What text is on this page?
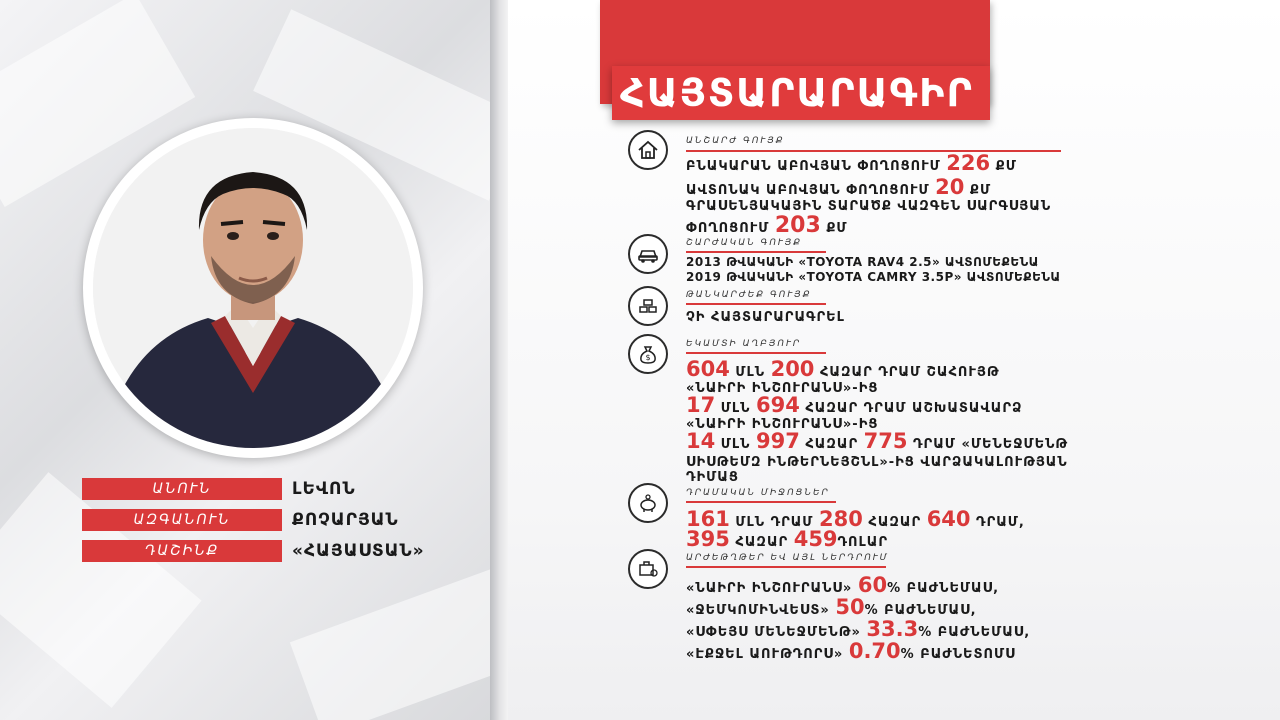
ԱՆՈՒՆ	ԼԵՎՈՆ
ԱԶԳԱՆՈՒՆ	ՔՈՉԱՐՅԱՆ
ԴԱՇԻՆՔ	«ՀԱՅԱՍՏԱՆ»
ՀԱՅՏԱՐԱՐԱԳԻՐ
ԱՆՇԱՐԺ ԳՈՒՅՔ
ԲՆԱԿԱՐԱՆ ԱԲՈՎՅԱՆ ՓՈՂՈՑՈՒՄ 226 ՔՄ
ԱՎՏՈՆԱԿ ԱԲՈՎՅԱՆ ՓՈՂՈՑՈՒՄ 20 ՔՄ
ԳՐԱՍԵՆՅԱԿԱՅԻՆ ՏԱՐԱԾՔ ՎԱԶԳԵՆ ՍԱՐԳՍՅԱՆ
ՓՈՂՈՑՈՒՄ 203 ՔՄ
ՇԱՐԺԱԿԱՆ ԳՈՒՅՔ
2013 ԹՎԱԿԱՆԻ «TOYOTA RAV4 2.5» ԱՎՏՈՄԵՔԵՆԱ
2019 ԹՎԱԿԱՆԻ «TOYOTA CAMRY 3.5P» ԱՎՏՈՄԵՔԵՆԱ
ԹԱՆԿԱՐԺԵՔ ԳՈՒՅՔ
ՉԻ ՀԱՅՏԱՐԱՐԱԳՐԵԼ
$
ԵԿԱՄՏԻ ԱՂԲՅՈՒՐ
604 ՄԼՆ 200 ՀԱԶԱՐ ԴՐԱՄ ՇԱՀՈՒՅԹ
«ՆԱԻՐԻ ԻՆՇՈՒՐԱՆՍ»-ԻՑ
17 ՄԼՆ 694 ՀԱԶԱՐ ԴՐԱՄ ԱՇԽԱՏԱՎԱՐՁ
«ՆԱԻՐԻ ԻՆՇՈՒՐԱՆՍ»-ԻՑ
14 ՄԼՆ 997 ՀԱԶԱՐ 775 ԴՐԱՄ «ՄԵՆԵՋՄԵՆԹ
ՍԻՍԹԵՄԶ ԻՆԹԵՐՆԵՅՇՆԼ»-ԻՑ ՎԱՐՁԱԿԱԼՈՒԹՅԱՆ
ԴԻՄԱՑ
ԴՐԱՄԱԿԱՆ ՄԻՋՈՑՆԵՐ
161 ՄԼՆ ԴՐԱՄ 280 ՀԱԶԱՐ 640 ԴՐԱՄ,
395 ՀԱԶԱՐ 459ԴՈԼԱՐ
ԱՐԺԵԹՂԹԵՐ ԵՎ ԱՅԼ ՆԵՐԴՐՈՒՄ
«ՆԱԻՐԻ ԻՆՇՈՒՐԱՆՍ» 60% ԲԱԺՆԵՄԱՍ,
«ՋԵՄԿՈՄԻՆՎԵՍՏ» 50% ԲԱԺՆԵՄԱՍ,
«ՍՓԵՅՍ ՄԵՆԵՋՄԵՆԹ» 33.3% ԲԱԺՆԵՄԱՍ,
«ԷՔՋԵԼ ԱՈՒԹԴՈՐՍ» 0.70% ԲԱԺՆԵՏՈՄՍ
